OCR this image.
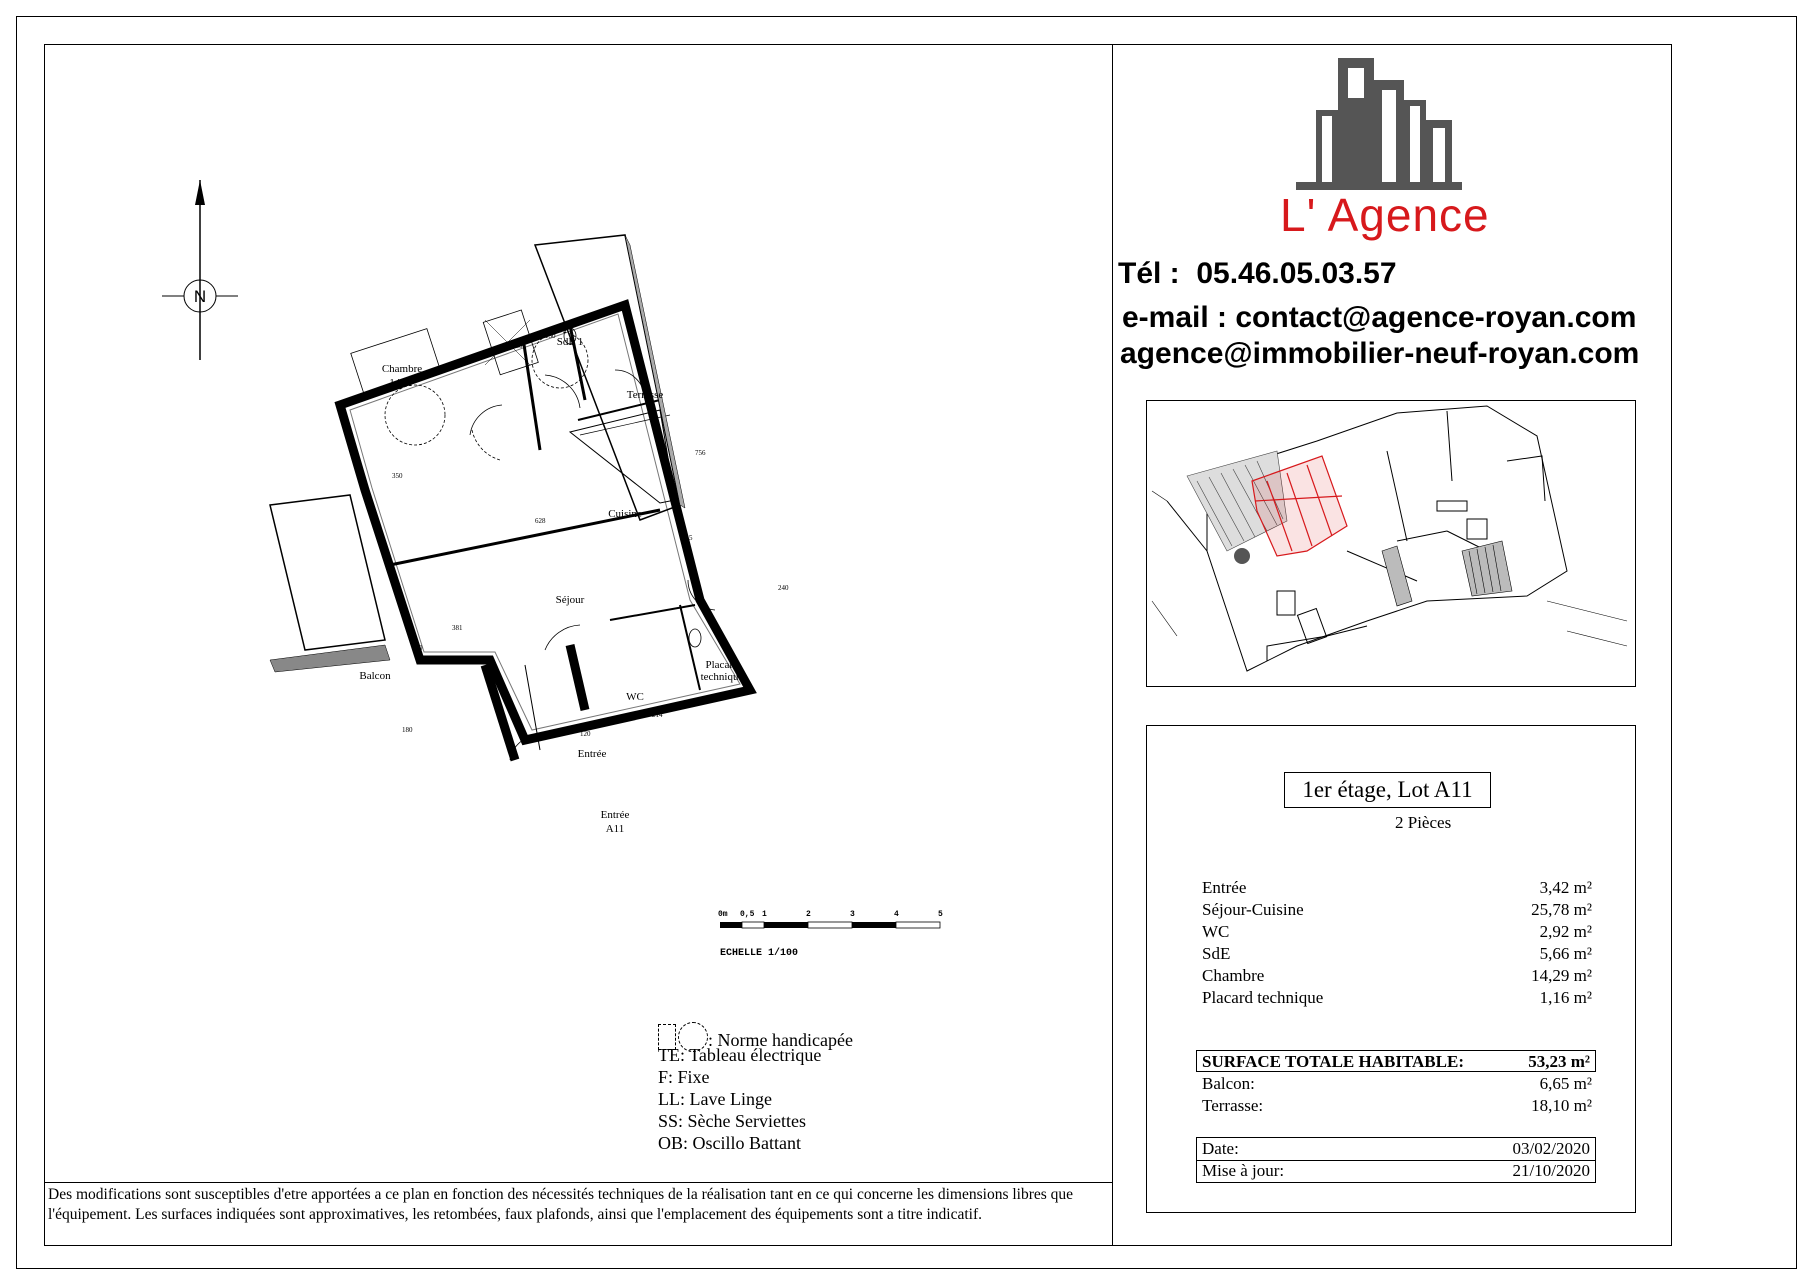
N
Chambre
14 m²
SdE 1
Terrasse
Cuisine
Séjour
Balcon
Placard
technique
WC
Entrée
Entrée
A11
628
381
370
180
214
120
240
756
150
160
350
415
0m 0,5 1	2	3	4	5
ECHELLE 1/100
: Norme handicapée
TE: Tableau électrique
F: Fixe
LL: Lave Linge
SS: Sèche Serviettes
OB: Oscillo Battant
Des modifications sont susceptibles d'etre apportées a ce plan en fonction des nécessités techniques de la réalisation tant en ce qui concerne les dimensions libres que l'équipement. Les surfaces indiquées sont approximatives, les retombées, faux plafonds, ainsi que l'emplacement des équipements sont a titre indicatif.
L' Agence
Tél : 05.46.05.03.57
e-mail : contact@agence-royan.com
agence@immobilier-neuf-royan.com
1er étage, Lot A11
2 Pièces
Entrée	3,42 m²
Séjour-Cuisine	25,78 m²
WC	2,92 m²
SdE	5,66 m²
Chambre	14,29 m²
Placard technique	1,16 m²
SURFACE TOTALE HABITABLE:	53,23 m²
Balcon:	6,65 m²
Terrasse:	18,10 m²
Date:	03/02/2020
Mise à jour:	21/10/2020
